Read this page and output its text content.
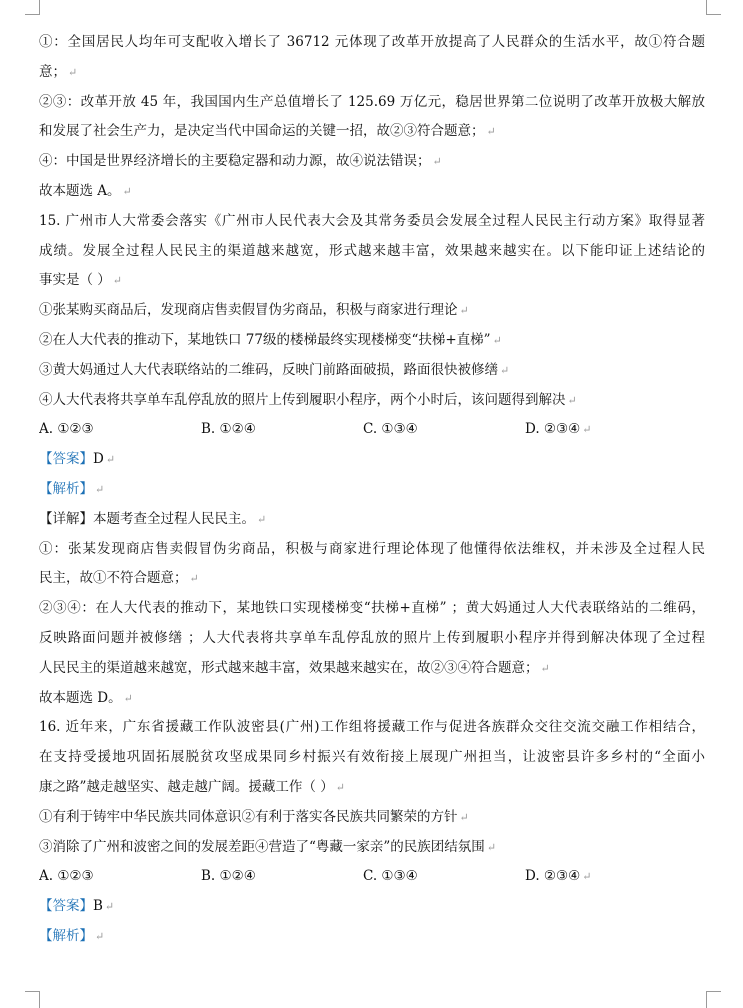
①：全国居民人均年可支配收入增长了 36712 元体现了改革开放提高了人民群众的生活水平，故①符合题
意； ↵
②③：改革开放 45 年，我国国内生产总值增长了 125.69 万亿元，稳居世界第二位说明了改革开放极大解放
和发展了社会生产力，是决定当代中国命运的关键一招，故②③符合题意； ↵
④：中国是世界经济增长的主要稳定器和动力源，故④说法错误； ↵
故本题选 A。 ↵
15. 广州市人大常委会落实《广州市人民代表大会及其常务委员会发展全过程人民民主行动方案》取得显著
成绩。发展全过程人民民主的渠道越来越宽，形式越来越丰富，效果越来越实在。以下能印证上述结论的
事实是（ ） ↵
①张某购买商品后，发现商店售卖假冒伪劣商品，积极与商家进行理论 ↵
②在人大代表的推动下，某地铁口 77级的楼梯最终实现楼梯变“扶梯+直梯” ↵
③黄大妈通过人大代表联络站的二维码，反映门前路面破损，路面很快被修缮 ↵
④人大代表将共享单车乱停乱放的照片上传到履职小程序，两个小时后，该问题得到解决 ↵
A. ①②③	B. ①②④	C. ①③④	D. ②③④ ↵
【答案】D ↵
【解析】 ↵
【详解】本题考查全过程人民民主。 ↵
①：张某发现商店售卖假冒伪劣商品，积极与商家进行理论体现了他懂得依法维权，并未涉及全过程人民
民主，故①不符合题意； ↵
②③④：在人大代表的推动下，某地铁口实现楼梯变“扶梯+直梯” ；黄大妈通过人大代表联络站的二维码，
反映路面问题并被修缮 ；人大代表将共享单车乱停乱放的照片上传到履职小程序并得到解决体现了全过程
人民民主的渠道越来越宽，形式越来越丰富，效果越来越实在，故②③④符合题意； ↵
故本题选 D。 ↵
16. 近年来，广东省援藏工作队波密县(广州)工作组将援藏工作与促进各族群众交往交流交融工作相结合，
在支持受援地巩固拓展脱贫攻坚成果同乡村振兴有效衔接上展现广州担当，让波密县许多乡村的“全面小
康之路”越走越坚实、越走越广阔。援藏工作（ ） ↵
①有利于铸牢中华民族共同体意识②有利于落实各民族共同繁荣的方针 ↵
③消除了广州和波密之间的发展差距④营造了“粤藏一家亲”的民族团结氛围 ↵
A. ①②③	B. ①②④	C. ①③④	D. ②③④ ↵
【答案】B ↵
【解析】 ↵
